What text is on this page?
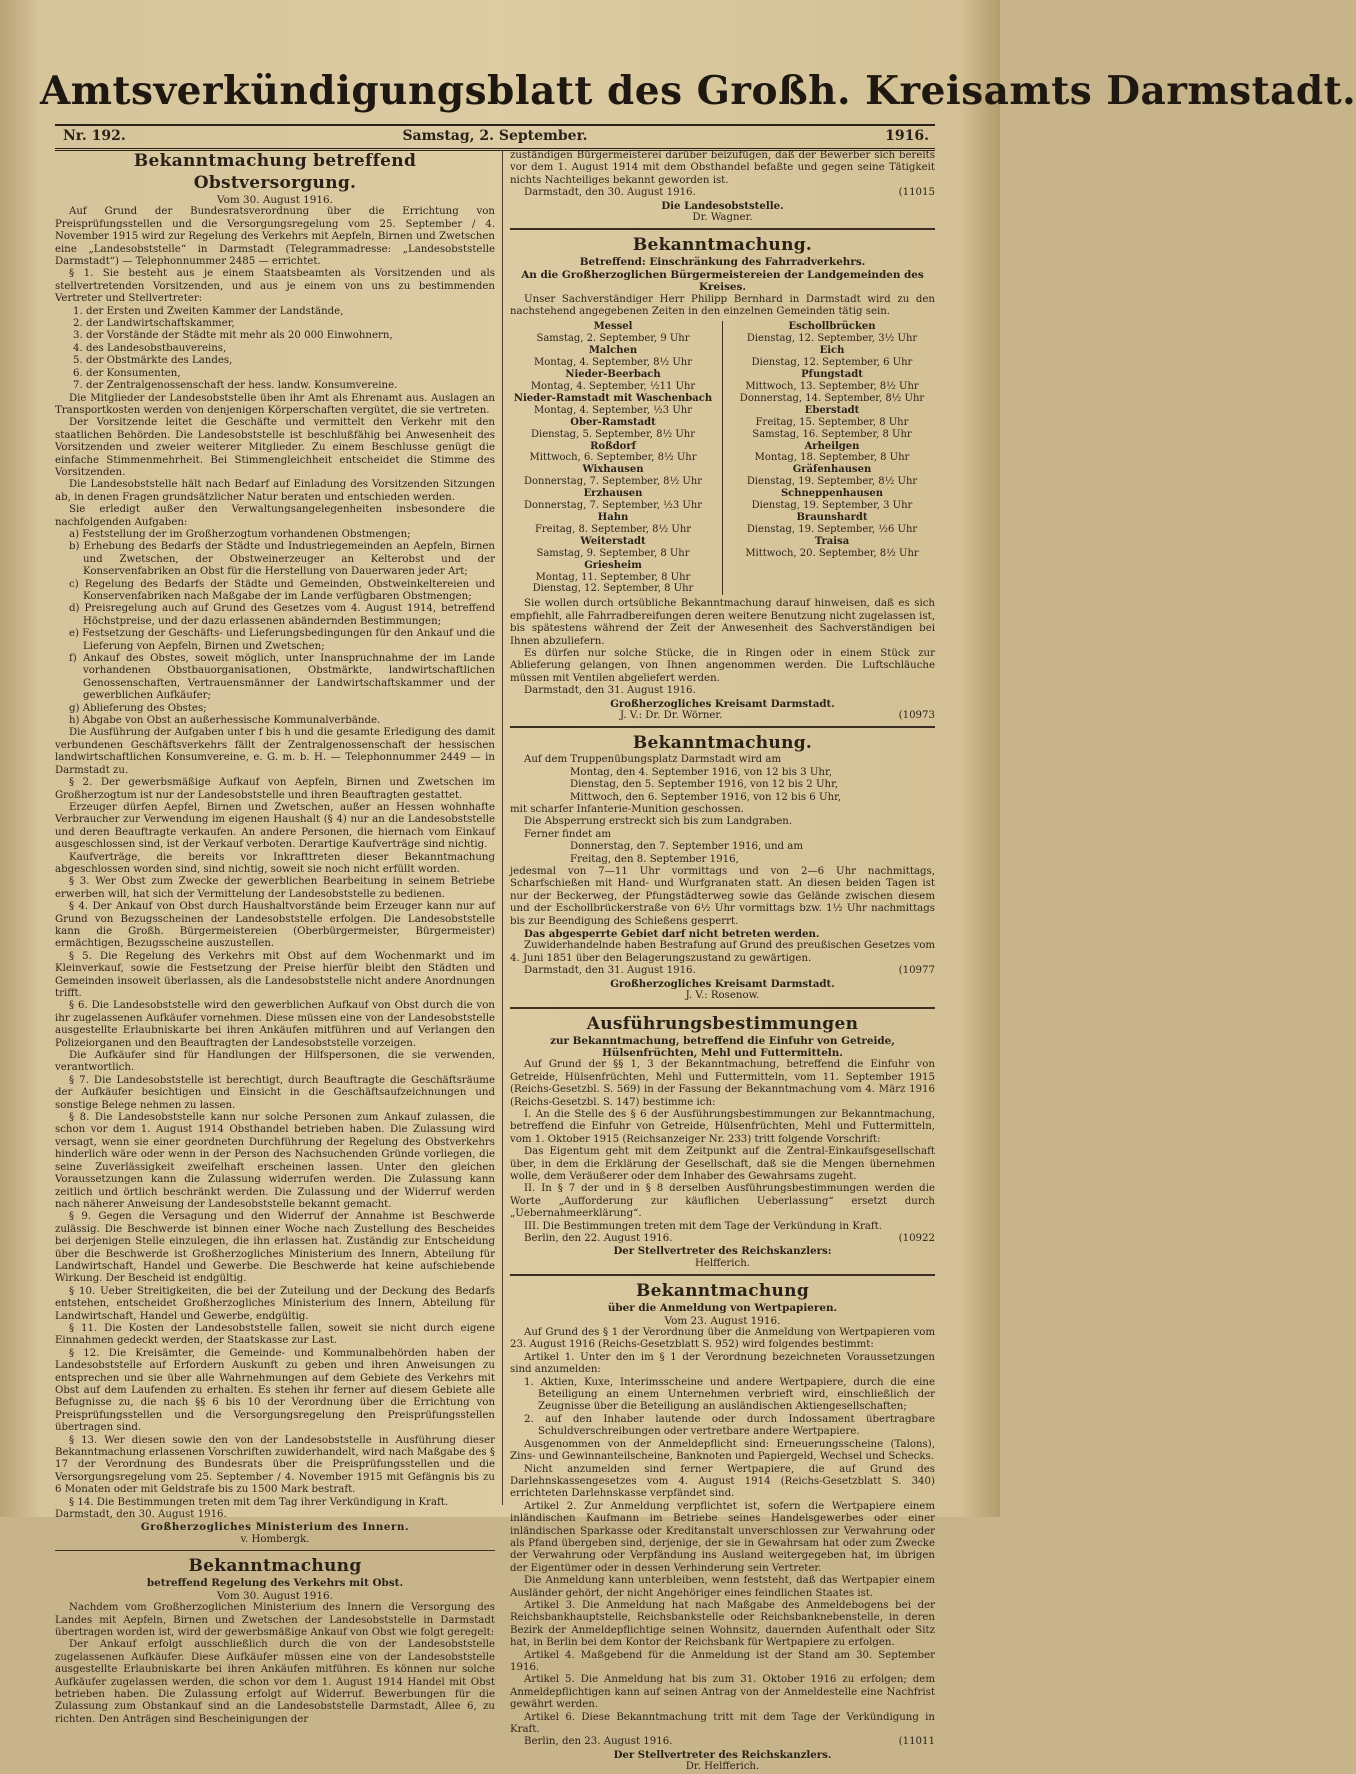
Amtsverkündigungsblatt des Großh. Kreisamts Darmstadt.
Nr. 192.	Samstag, 2. September.	1916.
Bekanntmachung betreffend Obstversorgung.
Vom 30. August 1916.

Auf Grund der Bundesratsverordnung über die Errichtung von Preisprüfungsstellen und die Versorgungsregelung vom 25. September / 4. November 1915 wird zur Regelung des Verkehrs mit Aepfeln, Birnen und Zwetschen eine „Landesobststelle“ in Darmstadt (Telegrammadresse: „Landesobststelle Darmstadt“) — Telephonnummer 2485 — errichtet.

§ 1. Sie besteht aus je einem Staatsbeamten als Vorsitzenden und als stellvertretenden Vorsitzenden, und aus je einem von uns zu bestimmenden Vertreter und Stellvertreter:

1. der Ersten und Zweiten Kammer der Landstände,
2. der Landwirtschaftskammer,
3. der Vorstände der Städte mit mehr als 20 000 Einwohnern,
4. des Landesobstbauvereins,
5. der Obstmärkte des Landes,
6. der Konsumenten,
7. der Zentralgenossenschaft der hess. landw. Konsumvereine.

Die Mitglieder der Landesobststelle üben ihr Amt als Ehrenamt aus. Auslagen an Transportkosten werden von denjenigen Körperschaften vergütet, die sie vertreten.

Der Vorsitzende leitet die Geschäfte und vermittelt den Verkehr mit den staatlichen Behörden. Die Landesobststelle ist beschlußfähig bei Anwesenheit des Vorsitzenden und zweier weiterer Mitglieder. Zu einem Beschlusse genügt die einfache Stimmenmehrheit. Bei Stimmengleichheit entscheidet die Stimme des Vorsitzenden.

Die Landesobststelle hält nach Bedarf auf Einladung des Vorsitzenden Sitzungen ab, in denen Fragen grundsätzlicher Natur beraten und entschieden werden.

Sie erledigt außer den Verwaltungsangelegenheiten insbesondere die nachfolgenden Aufgaben:

a) Feststellung der im Großherzogtum vorhandenen Obstmengen;
b) Erhebung des Bedarfs der Städte und Industriegemeinden an Aepfeln, Birnen und Zwetschen, der Obstweinerzeuger an Kelterobst und der Konservenfabriken an Obst für die Herstellung von Dauerwaren jeder Art;
c) Regelung des Bedarfs der Städte und Gemeinden, Obstweinkeltereien und Konservenfabriken nach Maßgabe der im Lande verfügbaren Obstmengen;
d) Preisregelung auch auf Grund des Gesetzes vom 4. August 1914, betreffend Höchstpreise, und der dazu erlassenen abändernden Bestimmungen;
e) Festsetzung der Geschäfts- und Lieferungsbedingungen für den Ankauf und die Lieferung von Aepfeln, Birnen und Zwetschen;
f) Ankauf des Obstes, soweit möglich, unter Inanspruchnahme der im Lande vorhandenen Obstbauorganisationen, Obstmärkte, landwirtschaftlichen Genossenschaften, Vertrauensmänner der Landwirtschaftskammer und der gewerblichen Aufkäufer;
g) Ablieferung des Obstes;
h) Abgabe von Obst an außerhessische Kommunalverbände.

Die Ausführung der Aufgaben unter f bis h und die gesamte Erledigung des damit verbundenen Geschäftsverkehrs fällt der Zentralgenossenschaft der hessischen landwirtschaftlichen Konsumvereine, e. G. m. b. H. — Telephonnummer 2449 — in Darmstadt zu.

§ 2. Der gewerbsmäßige Aufkauf von Aepfeln, Birnen und Zwetschen im Großherzogtum ist nur der Landesobststelle und ihren Beauftragten gestattet.

Erzeuger dürfen Aepfel, Birnen und Zwetschen, außer an Hessen wohnhafte Verbraucher zur Verwendung im eigenen Haushalt (§ 4) nur an die Landesobststelle und deren Beauftragte verkaufen. An andere Personen, die hiernach vom Einkauf ausgeschlossen sind, ist der Verkauf verboten. Derartige Kaufverträge sind nichtig.

Kaufverträge, die bereits vor Inkrafttreten dieser Bekanntmachung abgeschlossen worden sind, sind nichtig, soweit sie noch nicht erfüllt worden.

§ 3. Wer Obst zum Zwecke der gewerblichen Bearbeitung in seinem Betriebe erwerben will, hat sich der Vermittelung der Landesobststelle zu bedienen.

§ 4. Der Ankauf von Obst durch Haushaltvorstände beim Erzeuger kann nur auf Grund von Bezugsscheinen der Landesobststelle erfolgen. Die Landesobststelle kann die Großh. Bürgermeistereien (Oberbürgermeister, Bürgermeister) ermächtigen, Bezugsscheine auszustellen.

§ 5. Die Regelung des Verkehrs mit Obst auf dem Wochenmarkt und im Kleinverkauf, sowie die Festsetzung der Preise hierfür bleibt den Städten und Gemeinden insoweit überlassen, als die Landesobststelle nicht andere Anordnungen trifft.

§ 6. Die Landesobststelle wird den gewerblichen Aufkauf von Obst durch die von ihr zugelassenen Aufkäufer vornehmen. Diese müssen eine von der Landesobststelle ausgestellte Erlaubniskarte bei ihren Ankäufen mitführen und auf Verlangen den Polizeiorganen und den Beauftragten der Landesobststelle vorzeigen.

Die Aufkäufer sind für Handlungen der Hilfspersonen, die sie verwenden, verantwortlich.

§ 7. Die Landesobststelle ist berechtigt, durch Beauftragte die Geschäftsräume der Aufkäufer besichtigen und Einsicht in die Geschäftsaufzeichnungen und sonstige Belege nehmen zu lassen.

§ 8. Die Landesobststelle kann nur solche Personen zum Ankauf zulassen, die schon vor dem 1. August 1914 Obsthandel betrieben haben. Die Zulassung wird versagt, wenn sie einer geordneten Durchführung der Regelung des Obstverkehrs hinderlich wäre oder wenn in der Person des Nachsuchenden Gründe vorliegen, die seine Zuverlässigkeit zweifelhaft erscheinen lassen. Unter den gleichen Voraussetzungen kann die Zulassung widerrufen werden. Die Zulassung kann zeitlich und örtlich beschränkt werden. Die Zulassung und der Widerruf werden nach näherer Anweisung der Landesobststelle bekannt gemacht.

§ 9. Gegen die Versagung und den Widerruf der Annahme ist Beschwerde zulässig. Die Beschwerde ist binnen einer Woche nach Zustellung des Bescheides bei derjenigen Stelle einzulegen, die ihn erlassen hat. Zuständig zur Entscheidung über die Beschwerde ist Großherzogliches Ministerium des Innern, Abteilung für Landwirtschaft, Handel und Gewerbe. Die Beschwerde hat keine aufschiebende Wirkung. Der Bescheid ist endgültig.

§ 10. Ueber Streitigkeiten, die bei der Zuteilung und der Deckung des Bedarfs entstehen, entscheidet Großherzogliches Ministerium des Innern, Abteilung für Landwirtschaft, Handel und Gewerbe, endgültig.

§ 11. Die Kosten der Landesobststelle fallen, soweit sie nicht durch eigene Einnahmen gedeckt werden, der Staatskasse zur Last.

§ 12. Die Kreisämter, die Gemeinde- und Kommunalbehörden haben der Landesobststelle auf Erfordern Auskunft zu geben und ihren Anweisungen zu entsprechen und sie über alle Wahrnehmungen auf dem Gebiete des Verkehrs mit Obst auf dem Laufenden zu erhalten. Es stehen ihr ferner auf diesem Gebiete alle Befugnisse zu, die nach §§ 6 bis 10 der Verordnung über die Errichtung von Preisprüfungsstellen und die Versorgungsregelung den Preisprüfungsstellen übertragen sind.

§ 13. Wer diesen sowie den von der Landesobststelle in Ausführung dieser Bekanntmachung erlassenen Vorschriften zuwiderhandelt, wird nach Maßgabe des § 17 der Verordnung des Bundesrats über die Preisprüfungsstellen und die Versorgungsregelung vom 25. September / 4. November 1915 mit Gefängnis bis zu 6 Monaten oder mit Geldstrafe bis zu 1500 Mark bestraft.

§ 14. Die Bestimmungen treten mit dem Tag ihrer Verkündigung in Kraft.

Darmstadt, den 30. August 1916.

Großherzogliches Ministerium des Innern.
v. Hombergk.
Bekanntmachung
betreffend Regelung des Verkehrs mit Obst.
Vom 30. August 1916.

Nachdem vom Großherzoglichen Ministerium des Innern die Versorgung des Landes mit Aepfeln, Birnen und Zwetschen der Landesobststelle in Darmstadt übertragen worden ist, wird der gewerbsmäßige Ankauf von Obst wie folgt geregelt:

Der Ankauf erfolgt ausschließlich durch die von der Landesobststelle zugelassenen Aufkäufer. Diese Aufkäufer müssen eine von der Landesobststelle ausgestellte Erlaubniskarte bei ihren Ankäufen mitführen. Es können nur solche Aufkäufer zugelassen werden, die schon vor dem 1. August 1914 Handel mit Obst betrieben haben. Die Zulassung erfolgt auf Widerruf. Bewerbungen für die Zulassung zum Obstankauf sind an die Landesobststelle Darmstadt, Allee 6, zu richten. Den Anträgen sind Bescheinigungen der

zuständigen Bürgermeisterei darüber beizufügen, daß der Bewerber sich bereits vor dem 1. August 1914 mit dem Obsthandel befaßte und gegen seine Tätigkeit nichts Nachteiliges bekannt geworden ist.

Darmstadt, den 30. August 1916.	(11015
Die Landesobststelle.
Dr. Wagner.
Bekanntmachung.
Betreffend: Einschränkung des Fahrradverkehrs.
An die Großherzoglichen Bürgermeistereien der Landgemeinden des Kreises.

Unser Sachverständiger Herr Philipp Bernhard in Darmstadt wird zu den nachstehend angegebenen Zeiten in den einzelnen Gemeinden tätig sein.

Messel
Samstag, 2. September, 9 Uhr
Malchen
Montag, 4. September, 8½ Uhr
Nieder-Beerbach
Montag, 4. September, ½11 Uhr
Nieder-Ramstadt mit Waschenbach
Montag, 4. September, ½3 Uhr
Ober-Ramstadt
Dienstag, 5. September, 8½ Uhr
Roßdorf
Mittwoch, 6. September, 8½ Uhr
Wixhausen
Donnerstag, 7. September, 8½ Uhr
Erzhausen
Donnerstag, 7. September, ½3 Uhr
Hahn
Freitag, 8. September, 8½ Uhr
Weiterstadt
Samstag, 9. September, 8 Uhr
Griesheim
Montag, 11. September, 8 Uhr
Dienstag, 12. September, 8 Uhr
Eschollbrücken
Dienstag, 12. September, 3½ Uhr
Eich
Dienstag, 12. September, 6 Uhr
Pfungstadt
Mittwoch, 13. September, 8½ Uhr
Donnerstag, 14. September, 8½ Uhr
Eberstadt
Freitag, 15. September, 8 Uhr
Samstag, 16. September, 8 Uhr
Arheilgen
Montag, 18. September, 8 Uhr
Gräfenhausen
Dienstag, 19. September, 8½ Uhr
Schneppenhausen
Dienstag, 19. September, 3 Uhr
Braunshardt
Dienstag, 19. September, ½6 Uhr
Traisa
Mittwoch, 20. September, 8½ Uhr

Sie wollen durch ortsübliche Bekanntmachung darauf hinweisen, daß es sich empfiehlt, alle Fahrradbereifungen deren weitere Benutzung nicht zugelassen ist, bis spätestens während der Zeit der Anwesenheit des Sachverständigen bei Ihnen abzuliefern.

Es dürfen nur solche Stücke, die in Ringen oder in einem Stück zur Ablieferung gelangen, von Ihnen angenommen werden. Die Luftschläuche müssen mit Ventilen abgeliefert werden.

Darmstadt, den 31. August 1916.

Großherzogliches Kreisamt Darmstadt.
J. V.: Dr. Dr. Wörner.	(10973
Bekanntmachung.

Auf dem Truppenübungsplatz Darmstadt wird am

Montag, den 4. September 1916, von 12 bis 3 Uhr,
Dienstag, den 5. September 1916, von 12 bis 2 Uhr,
Mittwoch, den 6. September 1916, von 12 bis 6 Uhr,

mit scharfer Infanterie-Munition geschossen.

Die Absperrung erstreckt sich bis zum Landgraben.

Ferner findet am

Donnerstag, den 7. September 1916, und am
Freitag, den 8. September 1916,

jedesmal von 7—11 Uhr vormittags und von 2—6 Uhr nachmittags, Scharfschießen mit Hand- und Wurfgranaten statt. An diesen beiden Tagen ist nur der Beckerweg, der Pfungstädterweg sowie das Gelände zwischen diesem und der Eschollbrückerstraße von 6½ Uhr vormittags bzw. 1½ Uhr nachmittags bis zur Beendigung des Schießens gesperrt.

Das abgesperrte Gebiet darf nicht betreten werden.

Zuwiderhandelnde haben Bestrafung auf Grund des preußischen Gesetzes vom 4. Juni 1851 über den Belagerungszustand zu gewärtigen.

Darmstadt, den 31. August 1916.	(10977
Großherzogliches Kreisamt Darmstadt.
J. V.: Rosenow.
Ausführungsbestimmungen
zur Bekanntmachung, betreffend die Einfuhr von Getreide, Hülsenfrüchten, Mehl und Futtermitteln.

Auf Grund der §§ 1, 3 der Bekanntmachung, betreffend die Einfuhr von Getreide, Hülsenfrüchten, Mehl und Futtermitteln, vom 11. September 1915 (Reichs-Gesetzbl. S. 569) in der Fassung der Bekanntmachung vom 4. März 1916 (Reichs-Gesetzbl. S. 147) bestimme ich:

I. An die Stelle des § 6 der Ausführungsbestimmungen zur Bekanntmachung, betreffend die Einfuhr von Getreide, Hülsenfrüchten, Mehl und Futtermitteln, vom 1. Oktober 1915 (Reichsanzeiger Nr. 233) tritt folgende Vorschrift:

Das Eigentum geht mit dem Zeitpunkt auf die Zentral-Einkaufsgesellschaft über, in dem die Erklärung der Gesellschaft, daß sie die Mengen übernehmen wolle, dem Veräußerer oder dem Inhaber des Gewahrsams zugeht.

II. In § 7 der und in § 8 derselben Ausführungsbestimmungen werden die Worte „Aufforderung zur käuflichen Ueberlassung“ ersetzt durch „Uebernahmeerklärung“.

III. Die Bestimmungen treten mit dem Tage der Verkündung in Kraft.

Berlin, den 22. August 1916.	(10922
Der Stellvertreter des Reichskanzlers:
Helfferich.
Bekanntmachung
über die Anmeldung von Wertpapieren.
Vom 23. August 1916.

Auf Grund des § 1 der Verordnung über die Anmeldung von Wertpapieren vom 23. August 1916 (Reichs-Gesetzblatt S. 952) wird folgendes bestimmt:

Artikel 1. Unter den im § 1 der Verordnung bezeichneten Voraussetzungen sind anzumelden:

1. Aktien, Kuxe, Interimsscheine und andere Wertpapiere, durch die eine Beteiligung an einem Unternehmen verbrieft wird, einschließlich der Zeugnisse über die Beteiligung an ausländischen Aktiengesellschaften;
2. auf den Inhaber lautende oder durch Indossament übertragbare Schuldverschreibungen oder vertretbare andere Wertpapiere.

Ausgenommen von der Anmeldepflicht sind: Erneuerungsscheine (Talons), Zins- und Gewinnanteilscheine, Banknoten und Papiergeld, Wechsel und Schecks.

Nicht anzumelden sind ferner Wertpapiere, die auf Grund des Darlehnskassengesetzes vom 4. August 1914 (Reichs-Gesetzblatt S. 340) errichteten Darlehnskasse verpfändet sind.

Artikel 2. Zur Anmeldung verpflichtet ist, sofern die Wertpapiere einem inländischen Kaufmann im Betriebe seines Handelsgewerbes oder einer inländischen Sparkasse oder Kreditanstalt unverschlossen zur Verwahrung oder als Pfand übergeben sind, derjenige, der sie in Gewahrsam hat oder zum Zwecke der Verwahrung oder Verpfändung ins Ausland weitergegeben hat, im übrigen der Eigentümer oder in dessen Verhinderung sein Vertreter.

Die Anmeldung kann unterbleiben, wenn feststeht, daß das Wertpapier einem Ausländer gehört, der nicht Angehöriger eines feindlichen Staates ist.

Artikel 3. Die Anmeldung hat nach Maßgabe des Anmeldebogens bei der Reichsbankhauptstelle, Reichsbankstelle oder Reichsbanknebenstelle, in deren Bezirk der Anmeldepflichtige seinen Wohnsitz, dauernden Aufenthalt oder Sitz hat, in Berlin bei dem Kontor der Reichsbank für Wertpapiere zu erfolgen.

Artikel 4. Maßgebend für die Anmeldung ist der Stand am 30. September 1916.

Artikel 5. Die Anmeldung hat bis zum 31. Oktober 1916 zu erfolgen; dem Anmeldepflichtigen kann auf seinen Antrag von der Anmeldestelle eine Nachfrist gewährt werden.

Artikel 6. Diese Bekanntmachung tritt mit dem Tage der Verkündigung in Kraft.

Berlin, den 23. August 1916.	(11011
Der Stellvertreter des Reichskanzlers.
Dr. Helfferich.
